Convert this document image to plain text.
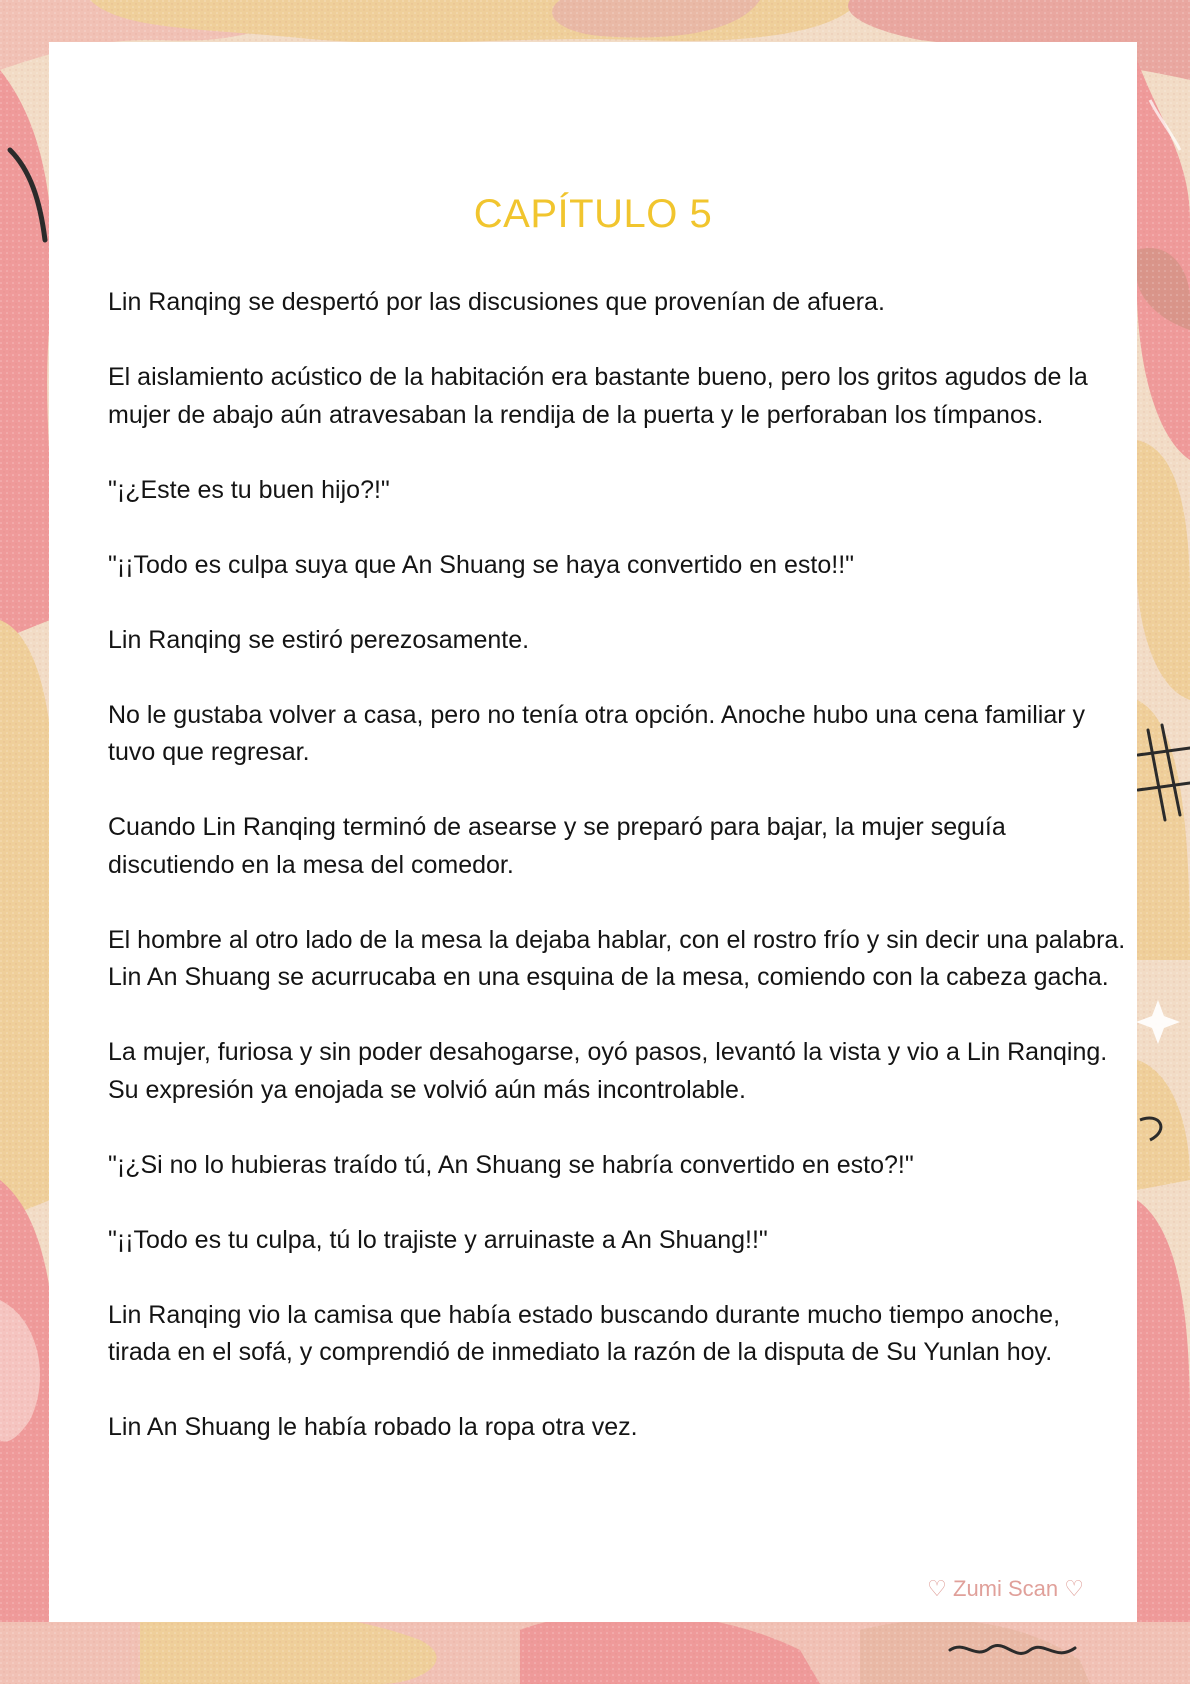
CAPÍTULO 5

Lin Ranqing se despertó por las discusiones que provenían de afuera.

El aislamiento acústico de la habitación era bastante bueno, pero los gritos agudos de la mujer de abajo aún atravesaban la rendija de la puerta y le perforaban los tímpanos.

"¡¿Este es tu buen hijo?!"

"¡¡Todo es culpa suya que An Shuang se haya convertido en esto!!"

Lin Ranqing se estiró perezosamente.

No le gustaba volver a casa, pero no tenía otra opción. Anoche hubo una cena familiar y tuvo que regresar.

Cuando Lin Ranqing terminó de asearse y se preparó para bajar, la mujer seguía discutiendo en la mesa del comedor.

El hombre al otro lado de la mesa la dejaba hablar, con el rostro frío y sin decir una palabra. Lin An Shuang se acurrucaba en una esquina de la mesa, comiendo con la cabeza gacha.

La mujer, furiosa y sin poder desahogarse, oyó pasos, levantó la vista y vio a Lin Ranqing. Su expresión ya enojada se volvió aún más incontrolable.

"¡¿Si no lo hubieras traído tú, An Shuang se habría convertido en esto?!"

"¡¡Todo es tu culpa, tú lo trajiste y arruinaste a An Shuang!!"

Lin Ranqing vio la camisa que había estado buscando durante mucho tiempo anoche, tirada en el sofá, y comprendió de inmediato la razón de la disputa de Su Yunlan hoy.

Lin An Shuang le había robado la ropa otra vez.

♡ Zumi Scan ♡
